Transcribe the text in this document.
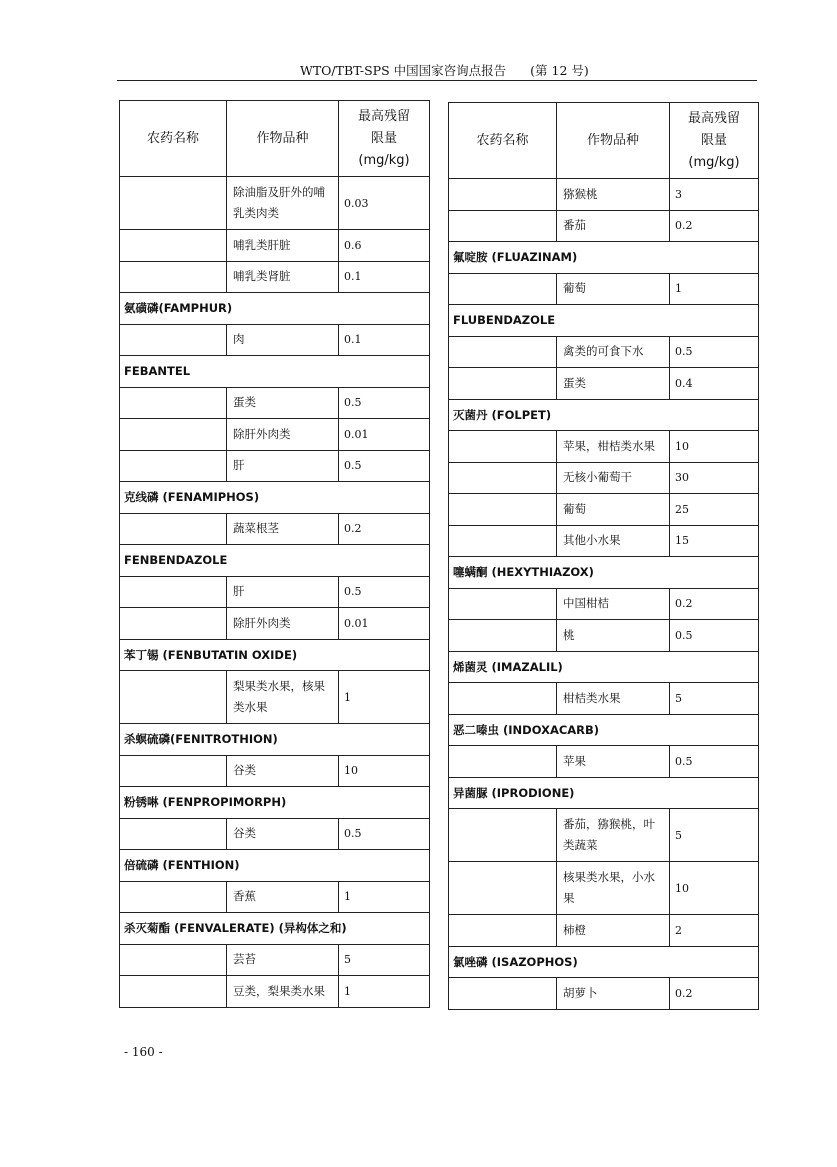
WTO/TBT-SPS 中国国家咨询点报告 (第 12 号)
农药名称	作物品种	最高残留
限量
(mg/kg)
	除油脂及肝外的哺乳类肉类	0.03
	哺乳类肝脏	0.6
	哺乳类肾脏	0.1
氨磺磷(FAMPHUR)		
	肉	0.1
FEBANTEL		
	蛋类	0.5
	除肝外肉类	0.01
	肝	0.5
克线磷 (FENAMIPHOS)		
	蔬菜根茎	0.2
FENBENDAZOLE		
	肝	0.5
	除肝外肉类	0.01
苯丁锡 (FENBUTATIN OXIDE)		
	梨果类水果，核果类水果	1
杀螟硫磷(FENITROTHION)		
	谷类	10
粉锈啉 (FENPROPIMORPH)		
	谷类	0.5
倍硫磷 (FENTHION)		
	香蕉	1
杀灭菊酯 (FENVALERATE) (异构体之和)		
	芸苔	5
	豆类，梨果类水果	1
农药名称	作物品种	最高残留
限量
(mg/kg)
	猕猴桃	3
	番茄	0.2
氟啶胺 (FLUAZINAM)		
	葡萄	1
FLUBENDAZOLE		
	禽类的可食下水	0.5
	蛋类	0.4
灭菌丹 (FOLPET)		
	苹果，柑桔类水果	10
	无核小葡萄干	30
	葡萄	25
	其他小水果	15
噻螨酮 (HEXYTHIAZOX)		
	中国柑桔	0.2
	桃	0.5
烯菌灵 (IMAZALIL)		
	柑桔类水果	5
恶二嗪虫 (INDOXACARB)		
	苹果	0.5
异菌脲 (IPRODIONE)		
	番茄，猕猴桃，叶类蔬菜	5
	核果类水果，小水果	10
	柿橙	2
氯唑磷 (ISAZOPHOS)		
	胡萝卜	0.2
- 160 -
